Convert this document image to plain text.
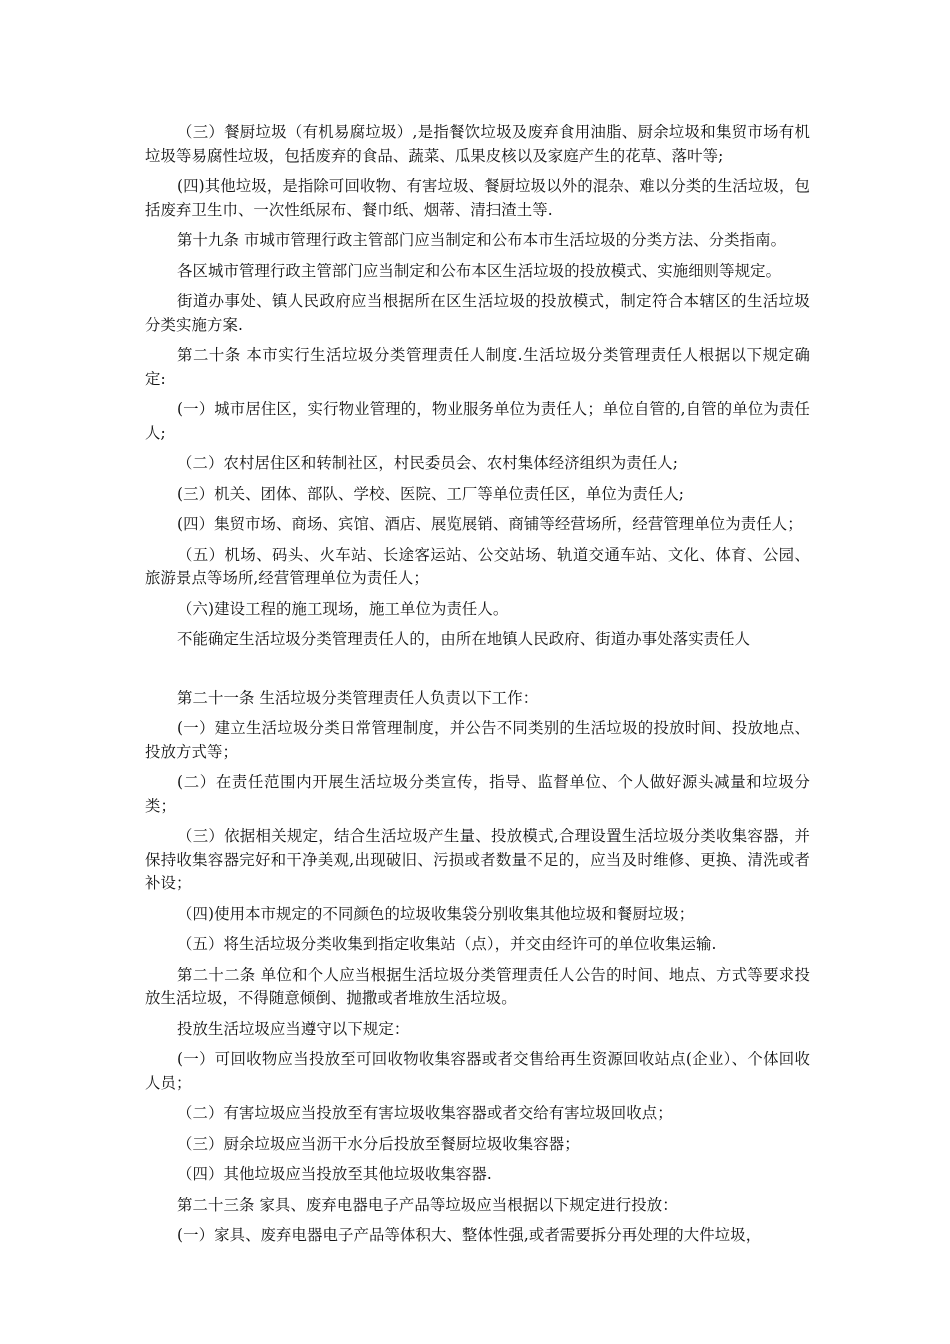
（三）餐厨垃圾（有机易腐垃圾）,是指餐饮垃圾及废弃食用油脂、厨余垃圾和集贸市场有机垃圾等易腐性垃圾，包括废弃的食品、蔬菜、瓜果皮核以及家庭产生的花草、落叶等;

(四)其他垃圾，是指除可回收物、有害垃圾、餐厨垃圾以外的混杂、难以分类的生活垃圾，包括废弃卫生巾、一次性纸尿布、餐巾纸、烟蒂、清扫渣土等.

第十九条 市城市管理行政主管部门应当制定和公布本市生活垃圾的分类方法、分类指南。

各区城市管理行政主管部门应当制定和公布本区生活垃圾的投放模式、实施细则等规定。

街道办事处、镇人民政府应当根据所在区生活垃圾的投放模式，制定符合本辖区的生活垃圾分类实施方案.

第二十条 本市实行生活垃圾分类管理责任人制度.生活垃圾分类管理责任人根据以下规定确定:

(一）城市居住区，实行物业管理的，物业服务单位为责任人；单位自管的,自管的单位为责任人;

（二）农村居住区和转制社区，村民委员会、农村集体经济组织为责任人;

(三）机关、团体、部队、学校、医院、工厂等单位责任区，单位为责任人;

(四）集贸市场、商场、宾馆、酒店、展览展销、商铺等经营场所，经营管理单位为责任人；

（五）机场、码头、火车站、长途客运站、公交站场、轨道交通车站、文化、体育、公园、旅游景点等场所,经营管理单位为责任人；

（六)建设工程的施工现场，施工单位为责任人。

不能确定生活垃圾分类管理责任人的，由所在地镇人民政府、街道办事处落实责任人

第二十一条 生活垃圾分类管理责任人负责以下工作：

(一）建立生活垃圾分类日常管理制度，并公告不同类别的生活垃圾的投放时间、投放地点、投放方式等；

(二）在责任范围内开展生活垃圾分类宣传，指导、监督单位、个人做好源头减量和垃圾分类；

（三）依据相关规定，结合生活垃圾产生量、投放模式,合理设置生活垃圾分类收集容器，并保持收集容器完好和干净美观,出现破旧、污损或者数量不足的，应当及时维修、更换、清洗或者补设；

（四)使用本市规定的不同颜色的垃圾收集袋分别收集其他垃圾和餐厨垃圾；

（五）将生活垃圾分类收集到指定收集站（点），并交由经许可的单位收集运输.

第二十二条 单位和个人应当根据生活垃圾分类管理责任人公告的时间、地点、方式等要求投放生活垃圾，不得随意倾倒、抛撒或者堆放生活垃圾。

投放生活垃圾应当遵守以下规定：

(一）可回收物应当投放至可回收物收集容器或者交售给再生资源回收站点(企业）、个体回收人员；

（二）有害垃圾应当投放至有害垃圾收集容器或者交给有害垃圾回收点；

（三）厨余垃圾应当沥干水分后投放至餐厨垃圾收集容器；

（四）其他垃圾应当投放至其他垃圾收集容器.

第二十三条 家具、废弃电器电子产品等垃圾应当根据以下规定进行投放：

(一）家具、废弃电器电子产品等体积大、整体性强,或者需要拆分再处理的大件垃圾，
